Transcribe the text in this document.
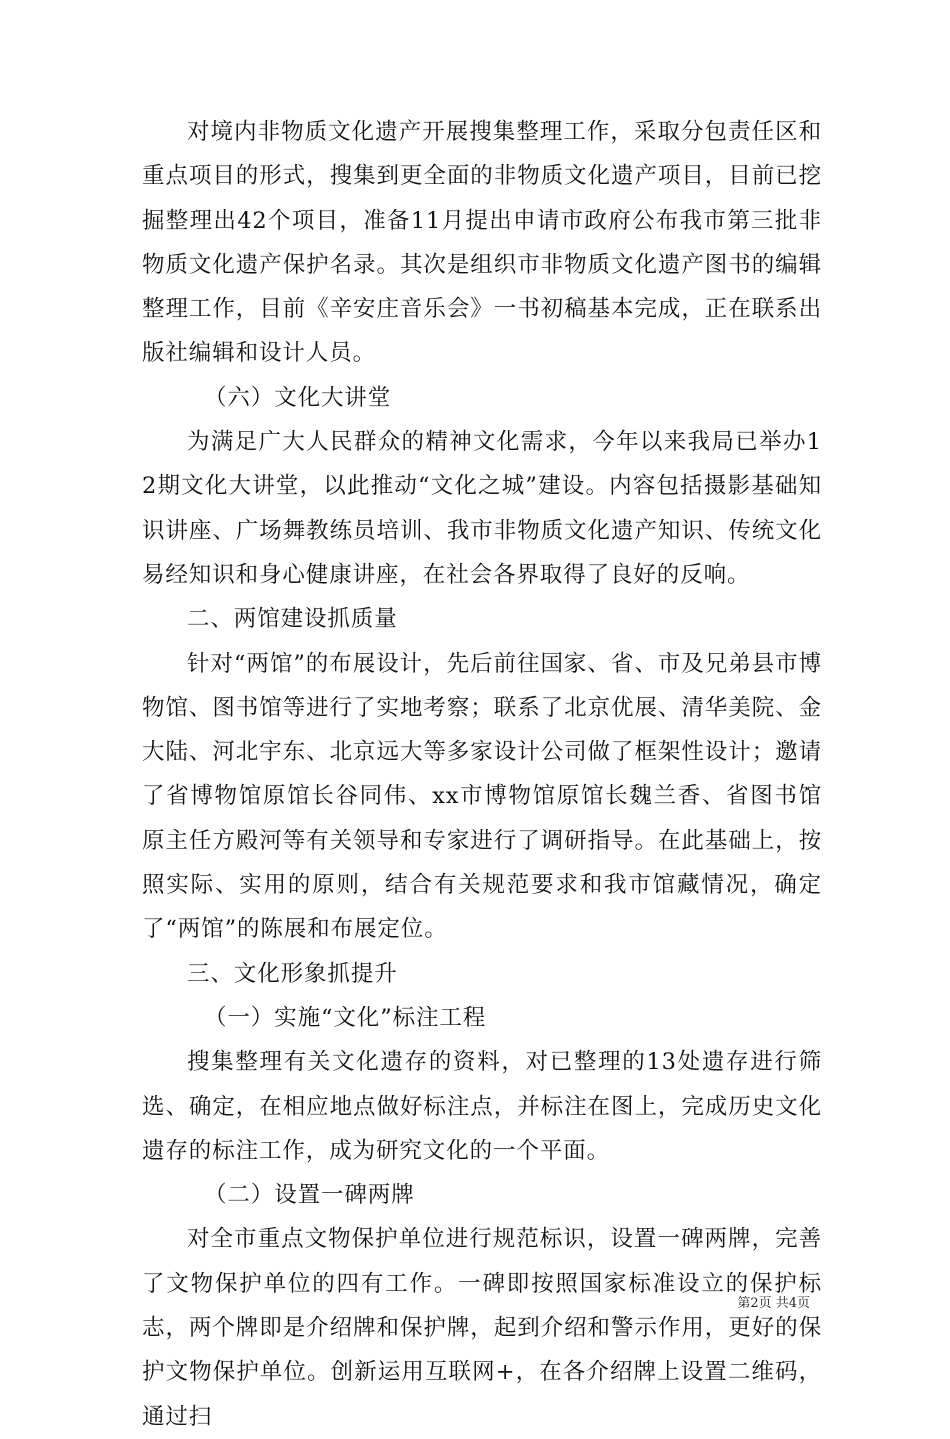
对境内非物质文化遗产开展搜集整理工作，采取分包责任区和重点项目的形式，搜集到更全面的非物质文化遗产项目，目前已挖掘整理出42个项目，准备11月提出申请市政府公布我市第三批非物质文化遗产保护名录。其次是组织市非物质文化遗产图书的编辑整理工作，目前《辛安庄音乐会》一书初稿基本完成，正在联系出版社编辑和设计人员。

（六）文化大讲堂

为满足广大人民群众的精神文化需求，今年以来我局已举办12期文化大讲堂，以此推动“文化之城”建设。内容包括摄影基础知识讲座、广场舞教练员培训、我市非物质文化遗产知识、传统文化易经知识和身心健康讲座，在社会各界取得了良好的反响。

二、两馆建设抓质量

针对“两馆”的布展设计，先后前往国家、省、市及兄弟县市博物馆、图书馆等进行了实地考察；联系了北京优展、清华美院、金大陆、河北宇东、北京远大等多家设计公司做了框架性设计；邀请了省博物馆原馆长谷同伟、xx市博物馆原馆长魏兰香、省图书馆原主任方殿河等有关领导和专家进行了调研指导。在此基础上，按照实际、实用的原则，结合有关规范要求和我市馆藏情况，确定了“两馆”的陈展和布展定位。

三、文化形象抓提升

（一）实施“文化”标注工程

搜集整理有关文化遗存的资料，对已整理的13处遗存进行筛选、确定，在相应地点做好标注点，并标注在图上，完成历史文化遗存的标注工作，成为研究文化的一个平面。

（二）设置一碑两牌

对全市重点文物保护单位进行规范标识，设置一碑两牌，完善了文物保护单位的四有工作。一碑即按照国家标准设立的保护标志，两个牌即是介绍牌和保护牌，起到介绍和警示作用，更好的保护文物保护单位。创新运用互联网+，在各介绍牌上设置二维码，通过扫

第2页 共4页
